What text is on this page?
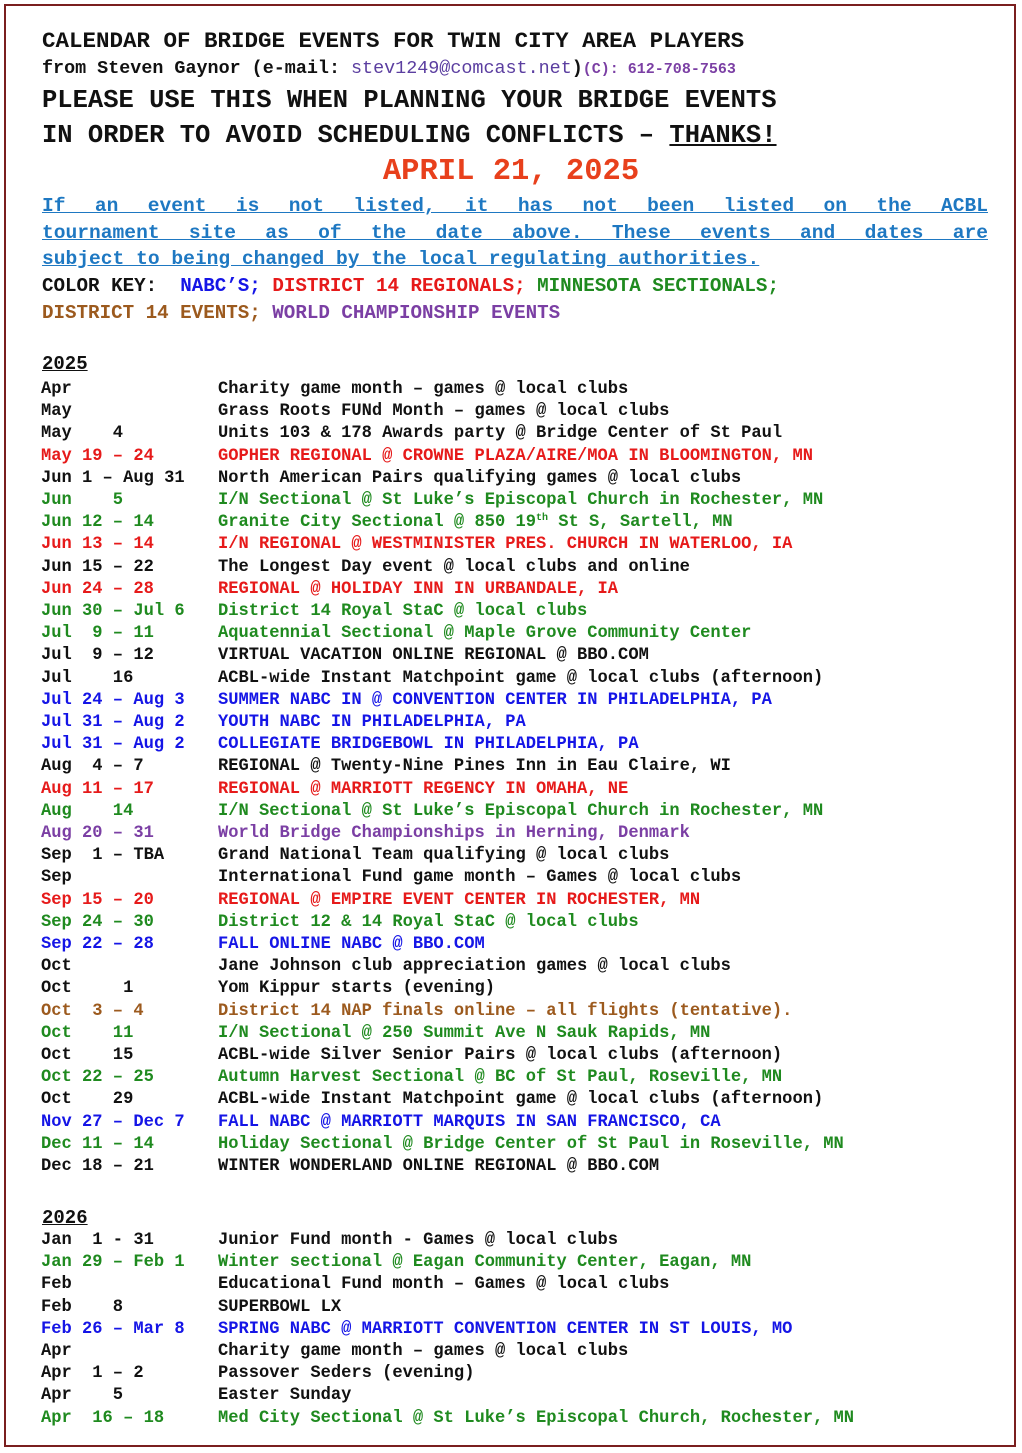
CALENDAR OF BRIDGE EVENTS FOR TWIN CITY AREA PLAYERS
from Steven Gaynor (e-mail: stev1249@comcast.net)(C): 612-708-7563
PLEASE USE THIS WHEN PLANNING YOUR BRIDGE EVENTS
IN ORDER TO AVOID SCHEDULING CONFLICTS – THANKS!
APRIL 21, 2025
If an event is not listed, it has not been listed on the ACBL
tournament site as of the date above. These events and dates are
subject to being changed by the local regulating authorities.
COLOR KEY: NABC’S; DISTRICT 14 REGIONALS; MINNESOTA SECTIONALS;
DISTRICT 14 EVENTS; WORLD CHAMPIONSHIP EVENTS
2025
Apr	Charity game month – games @ local clubs
May	Grass Roots FUNd Month – games @ local clubs
May    4	Units 103 & 178 Awards party @ Bridge Center of St Paul
May 19 – 24	GOPHER REGIONAL @ CROWNE PLAZA/AIRE/MOA IN BLOOMINGTON, MN
Jun 1 – Aug 31 North American Pairs qualifying games @ local clubs
Jun    5	I/N Sectional @ St Luke’s Episcopal Church in Rochester, MN
Jun 12 – 14	Granite City Sectional @ 850 19th St S, Sartell, MN
Jun 13 – 14	I/N REGIONAL @ WESTMINISTER PRES. CHURCH IN WATERLOO, IA
Jun 15 – 22	The Longest Day event @ local clubs and online
Jun 24 – 28	REGIONAL @ HOLIDAY INN IN URBANDALE, IA
Jun 30 – Jul 6 District 14 Royal StaC @ local clubs
Jul  9 – 11	Aquatennial Sectional @ Maple Grove Community Center
Jul  9 – 12	VIRTUAL VACATION ONLINE REGIONAL @ BBO.COM
Jul    16	ACBL-wide Instant Matchpoint game @ local clubs (afternoon)
Jul 24 – Aug 3 SUMMER NABC IN @ CONVENTION CENTER IN PHILADELPHIA, PA
Jul 31 – Aug 2 YOUTH NABC IN PHILADELPHIA, PA
Jul 31 – Aug 2 COLLEGIATE BRIDGEBOWL IN PHILADELPHIA, PA
Aug  4 – 7	REGIONAL @ Twenty-Nine Pines Inn in Eau Claire, WI
Aug 11 – 17	REGIONAL @ MARRIOTT REGENCY IN OMAHA, NE
Aug    14	I/N Sectional @ St Luke’s Episcopal Church in Rochester, MN
Aug 20 – 31	World Bridge Championships in Herning, Denmark
Sep  1 – TBA	Grand National Team qualifying @ local clubs
Sep	International Fund game month – Games @ local clubs
Sep 15 – 20	REGIONAL @ EMPIRE EVENT CENTER IN ROCHESTER, MN
Sep 24 – 30	District 12 & 14 Royal StaC @ local clubs
Sep 22 – 28	FALL ONLINE NABC @ BBO.COM
Oct	Jane Johnson club appreciation games @ local clubs
Oct     1	Yom Kippur starts (evening)
Oct  3 – 4	District 14 NAP finals online – all flights (tentative).
Oct    11	I/N Sectional @ 250 Summit Ave N Sauk Rapids, MN
Oct    15	ACBL-wide Silver Senior Pairs @ local clubs (afternoon)
Oct 22 – 25	Autumn Harvest Sectional @ BC of St Paul, Roseville, MN
Oct    29	ACBL-wide Instant Matchpoint game @ local clubs (afternoon)
Nov 27 – Dec 7 FALL NABC @ MARRIOTT MARQUIS IN SAN FRANCISCO, CA
Dec 11 – 14	Holiday Sectional @ Bridge Center of St Paul in Roseville, MN
Dec 18 – 21	WINTER WONDERLAND ONLINE REGIONAL @ BBO.COM
2026
Jan  1 - 31	Junior Fund month - Games @ local clubs
Jan 29 – Feb 1 Winter sectional @ Eagan Community Center, Eagan, MN
Feb	Educational Fund month – Games @ local clubs
Feb    8	SUPERBOWL LX
Feb 26 – Mar 8 SPRING NABC @ MARRIOTT CONVENTION CENTER IN ST LOUIS, MO
Apr	Charity game month – games @ local clubs
Apr  1 – 2	Passover Seders (evening)
Apr    5	Easter Sunday
Apr  16 – 18	Med City Sectional @ St Luke’s Episcopal Church, Rochester, MN
